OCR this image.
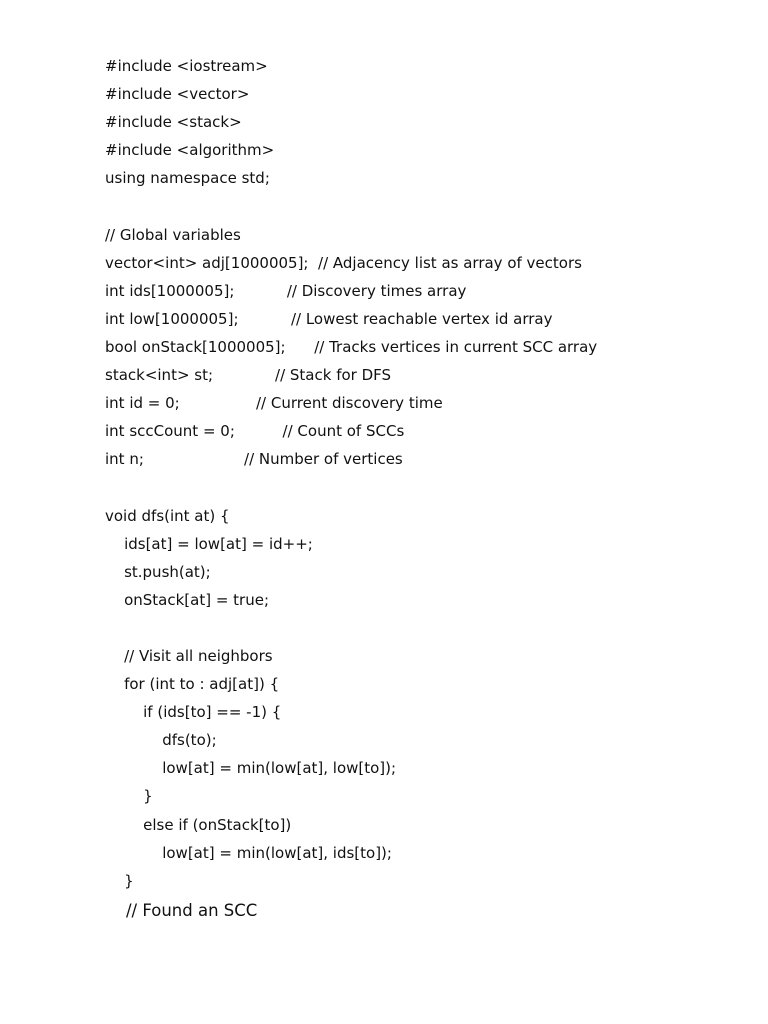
#include <iostream>
#include <vector>
#include <stack>
#include <algorithm>
using namespace std;
// Global variables
vector<int> adj[1000005];  // Adjacency list as array of vectors
int ids[1000005];           // Discovery times array
int low[1000005];           // Lowest reachable vertex id array
bool onStack[1000005];      // Tracks vertices in current SCC array
stack<int> st;             // Stack for DFS
int id = 0;                // Current discovery time
int sccCount = 0;          // Count of SCCs
int n;                     // Number of vertices
void dfs(int at) {
ids[at] = low[at] = id++;
st.push(at);
onStack[at] = true;
// Visit all neighbors
for (int to : adj[at]) {
if (ids[to] == -1) {
dfs(to);
low[at] = min(low[at], low[to]);
}
else if (onStack[to])
low[at] = min(low[at], ids[to]);
}
// Found an SCC
